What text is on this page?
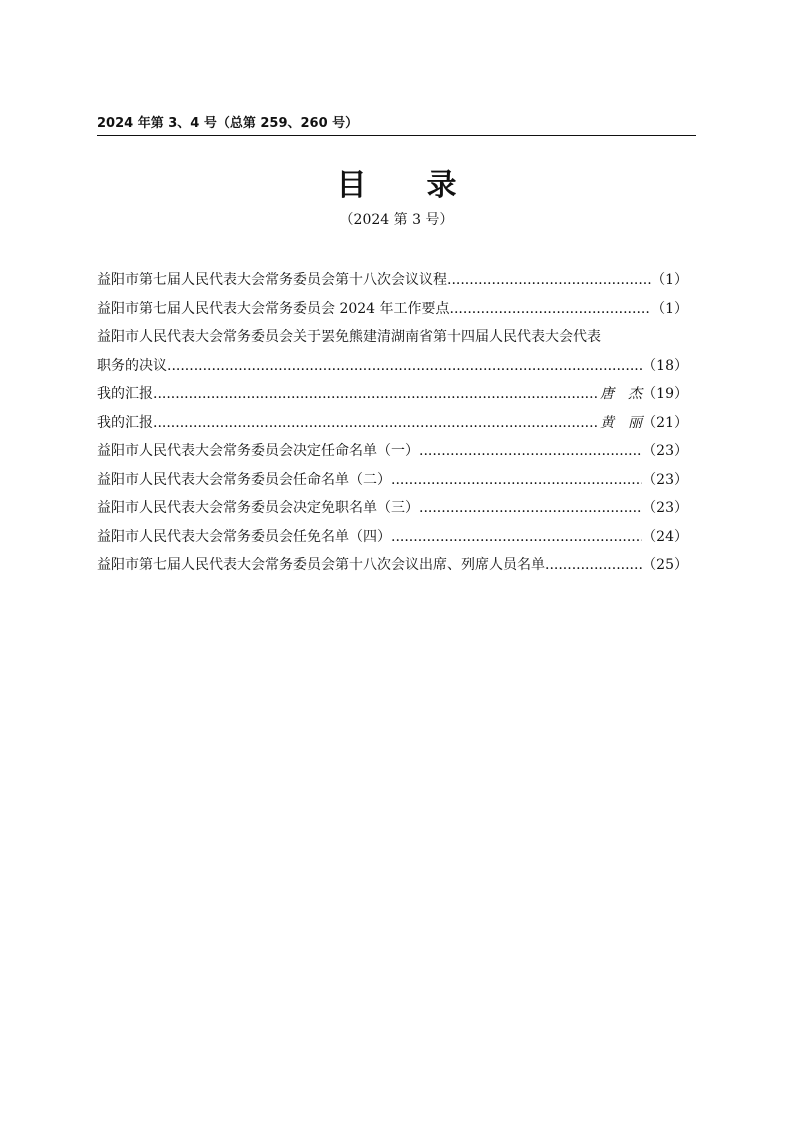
2024 年第 3、4 号（总第 259、260 号）
目　　录
（2024 第 3 号）
益阳市第七届人民代表大会常务委员会第十八次会议议程 .....	（1）
益阳市第七届人民代表大会常务委员会 2024 年工作要点 .....	（1）
益阳市人民代表大会常务委员会关于罢免熊建清湖南省第十四届人民代表大会代表
职务的决议 .....	（18）
我的汇报 .....	唐　杰 （19）
我的汇报 .....	黄　丽 （21）
益阳市人民代表大会常务委员会决定任命名单（一） .....	（23）
益阳市人民代表大会常务委员会任命名单（二） .....	（23）
益阳市人民代表大会常务委员会决定免职名单（三） .....	（23）
益阳市人民代表大会常务委员会任免名单（四） .....	（24）
益阳市第七届人民代表大会常务委员会第十八次会议出席、列席人员名单 .....	（25）
